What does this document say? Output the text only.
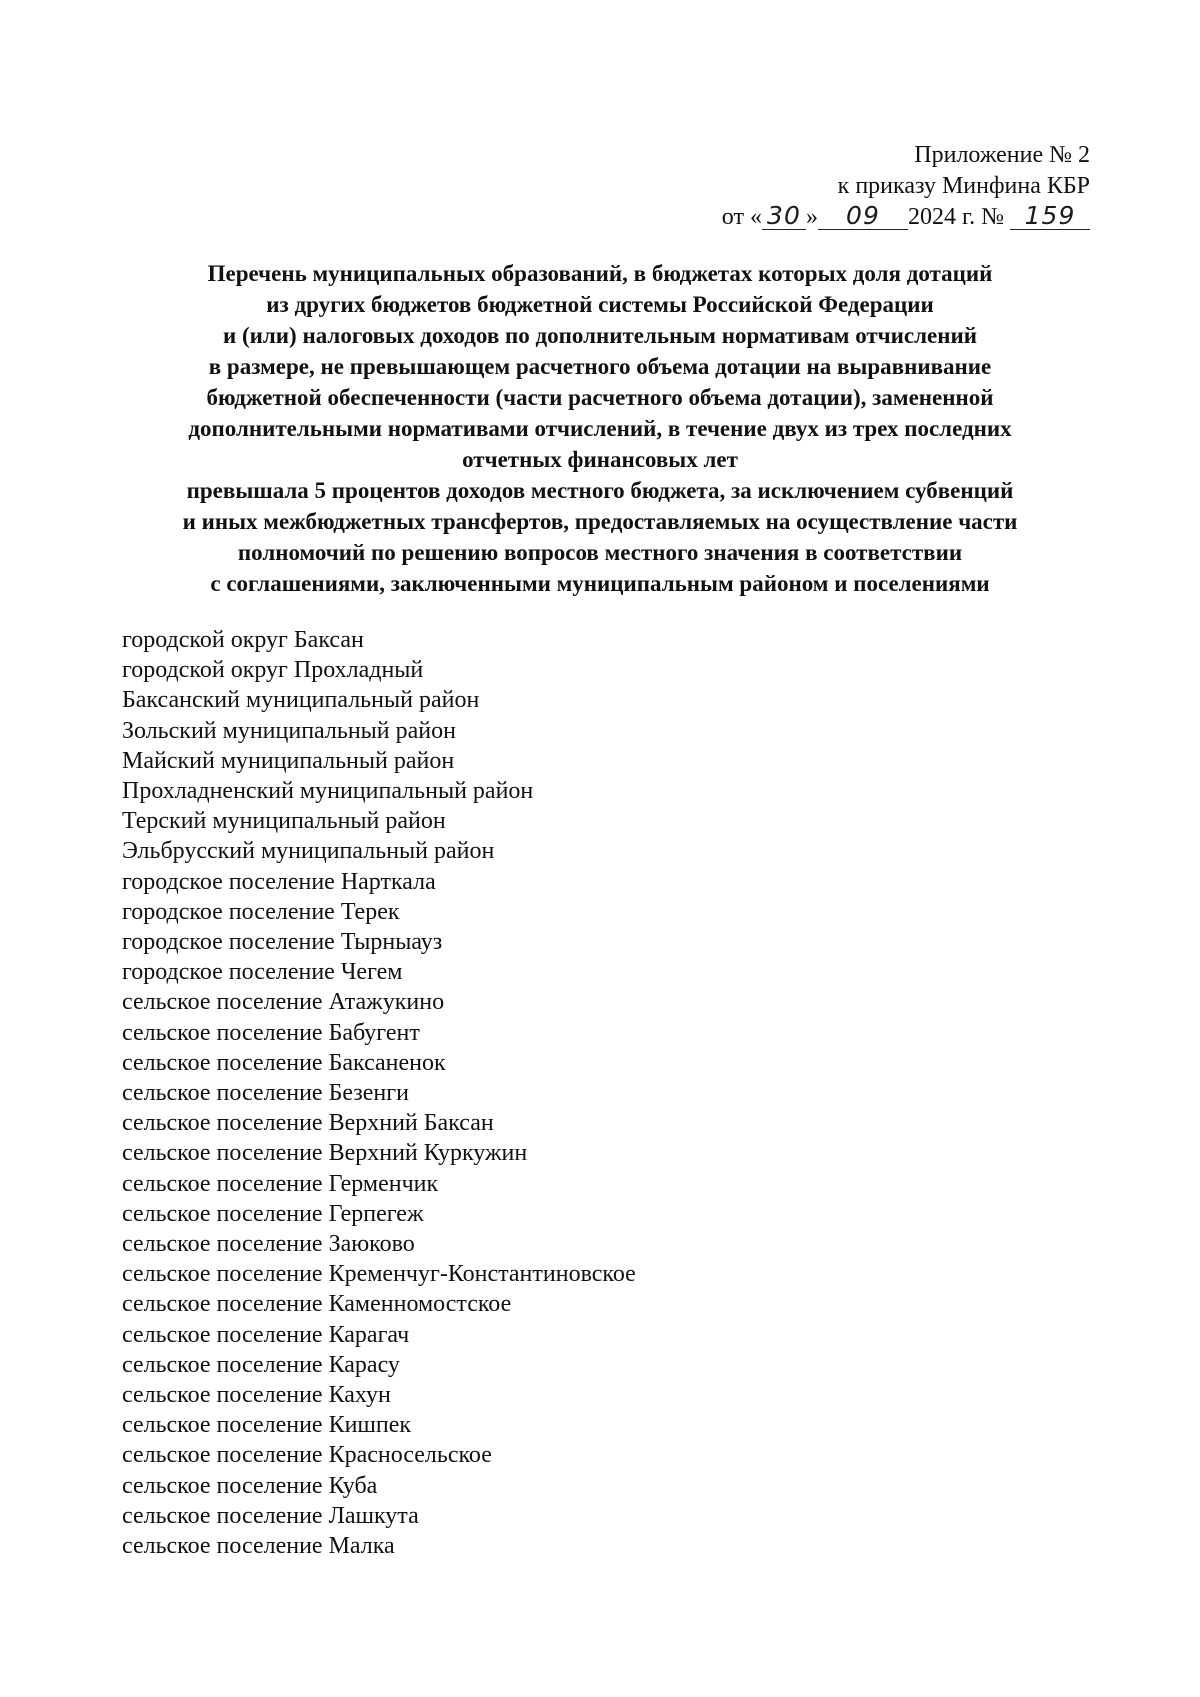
Приложение № 2
к приказу Минфина КБР
от « 30 » 09 2024 г. № 159
Перечень муниципальных образований, в бюджетах которых доля дотаций
из других бюджетов бюджетной системы Российской Федерации
и (или) налоговых доходов по дополнительным нормативам отчислений
в размере, не превышающем расчетного объема дотации на выравнивание
бюджетной обеспеченности (части расчетного объема дотации), замененной
дополнительными нормативами отчислений, в течение двух из трех последних
отчетных финансовых лет
превышала 5 процентов доходов местного бюджета, за исключением субвенций
и иных межбюджетных трансфертов, предоставляемых на осуществление части
полномочий по решению вопросов местного значения в соответствии
с соглашениями, заключенными муниципальным районом и поселениями
городской округ Баксан
городской округ Прохладный
Баксанский муниципальный район
Зольский муниципальный район
Майский муниципальный район
Прохладненский муниципальный район
Терский муниципальный район
Эльбрусский муниципальный район
городское поселение Нарткала
городское поселение Терек
городское поселение Тырныауз
городское поселение Чегем
сельское поселение Атажукино
сельское поселение Бабугент
сельское поселение Баксаненок
сельское поселение Безенги
сельское поселение Верхний Баксан
сельское поселение Верхний Куркужин
сельское поселение Герменчик
сельское поселение Герпегеж
сельское поселение Заюково
сельское поселение Кременчуг-Константиновское
сельское поселение Каменномостское
сельское поселение Карагач
сельское поселение Карасу
сельское поселение Кахун
сельское поселение Кишпек
сельское поселение Красносельское
сельское поселение Куба
сельское поселение Лашкута
сельское поселение Малка
